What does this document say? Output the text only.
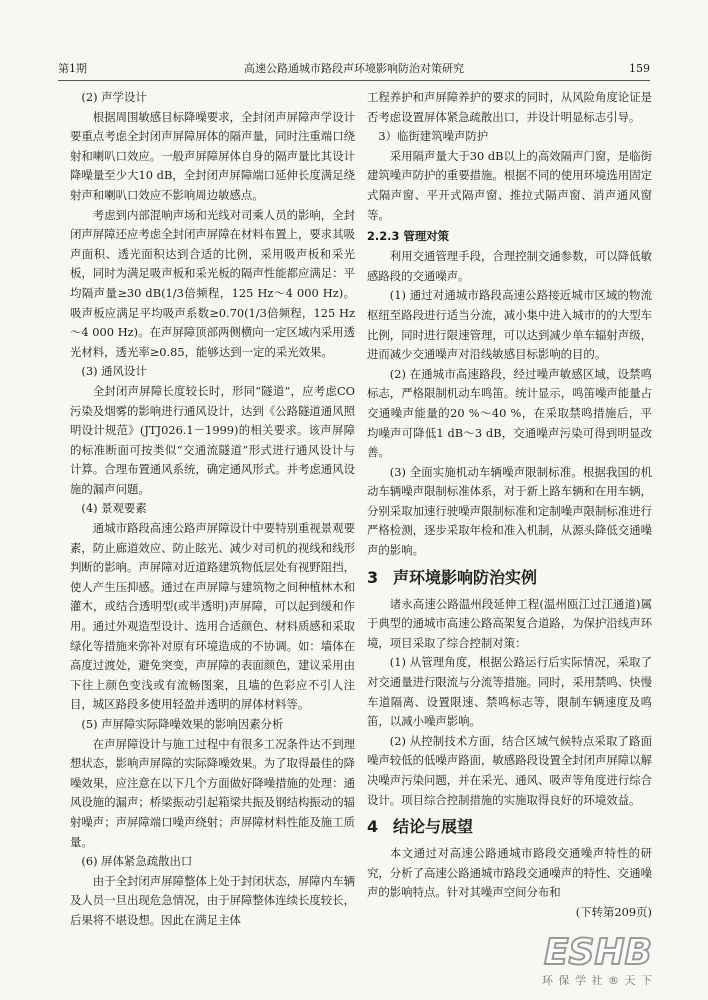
第1期	高速公路通城市路段声环境影响防治对策研究	159

(2) 声学设计

根据周围敏感目标降噪要求，全封闭声屏障声学设计要重点考虑全封闭声屏障屏体的隔声量，同时注重端口绕射和喇叭口效应。一般声屏障屏体自身的隔声量比其设计降噪量至少大10 dB，全封闭声屏障端口延伸长度满足绕射声和喇叭口效应不影响周边敏感点。

考虑到内部混响声场和光线对司乘人员的影响，全封闭声屏障还应考虑全封闭声屏障在材料布置上，要求其吸声面积、透光面积达到合适的比例，采用吸声板和采光板，同时为满足吸声板和采光板的隔声性能都应满足：平均隔声量≥30 dB(1/3倍频程，125 Hz～4 000 Hz)。吸声板应满足平均吸声系数≥0.70(1/3倍频程，125 Hz～4 000 Hz)。在声屏障顶部两侧横向一定区域内采用透光材料，透光率≥0.85，能够达到一定的采光效果。

(3) 通风设计

全封闭声屏障长度较长时，形同“隧道”，应考虑CO污染及烟雾的影响进行通风设计，达到《公路隧道通风照明设计规范》(JTJ026.1－1999)的相关要求。该声屏障的标准断面可按类似“交通流隧道”形式进行通风设计与计算。合理布置通风系统，确定通风形式。并考虑通风设施的漏声问题。

(4) 景观要素

通城市路段高速公路声屏障设计中要特别重视景观要素，防止廊道效应、防止眩光、减少对司机的视线和线形判断的影响。声屏障对近道路建筑物低层处有视野阻挡，使人产生压抑感。通过在声屏障与建筑物之间种植林木和灌木，或结合透明型(或半透明)声屏障，可以起到缓和作用。通过外观造型设计、选用合适颜色、材料质感和采取绿化等措施来弥补对原有环境造成的不协调。如：墙体在高度过渡处，避免突变，声屏障的表面颜色，建议采用由下往上颜色变浅或有流畅图案，且墙的色彩应不引人注目，城区路段多使用轻盈并透明的屏体材料等。

(5) 声屏障实际降噪效果的影响因素分析

在声屏障设计与施工过程中有很多工况条件达不到理想状态，影响声屏障的实际降噪效果。为了取得最佳的降噪效果，应注意在以下几个方面做好降噪措施的处理：通风设施的漏声；桥梁振动引起箱梁共振及钢结构振动的辐射噪声；声屏障端口噪声绕射；声屏障材料性能及施工质量。

(6) 屏体紧急疏散出口

由于全封闭声屏障整体上处于封闭状态，屏障内车辆及人员一旦出现危急情况，由于屏障整体连续长度较长，后果将不堪设想。因此在满足主体

工程养护和声屏障养护的要求的同时，从风险角度论证是否考虑设置屏体紧急疏散出口，并设计明显标志引导。

3）临街建筑噪声防护

采用隔声量大于30 dB以上的高效隔声门窗，是临街建筑噪声防护的重要措施。根据不同的使用环境选用固定式隔声窗、平开式隔声窗、推拉式隔声窗、消声通风窗等。

2.2.3 管理对策

利用交通管理手段，合理控制交通参数，可以降低敏感路段的交通噪声。

(1) 通过对通城市路段高速公路接近城市区域的物流枢纽至路段进行适当分流，减小集中进入城市的的大型车比例，同时进行限速管理，可以达到减少单车辐射声级，进而减少交通噪声对沿线敏感目标影响的目的。

(2) 在通城市高速路段，经过噪声敏感区域，设禁鸣标志，严格限制机动车鸣笛。统计显示，鸣笛噪声能量占交通噪声能量的20 %～40 %，在采取禁鸣措施后，平均噪声可降低1 dB～3 dB，交通噪声污染可得到明显改善。

(3) 全面实施机动车辆噪声限制标准。根据我国的机动车辆噪声限制标准体系，对于新上路车辆和在用车辆，分别采取加速行驶噪声限制标准和定制噪声限制标准进行严格检测，逐步采取年检和准入机制，从源头降低交通噪声的影响。

3 声环境影响防治实例

诸永高速公路温州段延伸工程(温州瓯江过江通道)属于典型的通城市高速公路高架复合道路，为保护沿线声环境，项目采取了综合控制对策：

(1) 从管理角度，根据公路运行后实际情况，采取了对交通量进行限流与分流等措施。同时，采用禁鸣、快慢车道隔离、设置限速、禁鸣标志等，限制车辆速度及鸣笛，以减小噪声影响。

(2) 从控制技术方面，结合区域气候特点采取了路面噪声较低的低噪声路面，敏感路段设置全封闭声屏障以解决噪声污染问题，并在采光、通风、吸声等角度进行综合设计。项目综合控制措施的实施取得良好的环境效益。

4 结论与展望

本文通过对高速公路通城市路段交通噪声特性的研究，分析了高速公路通城市路段交通噪声的特性、交通噪声的影响特点。针对其噪声空间分布和

(下转第209页)
ESHB
环 保 学 社 ® 天 下
